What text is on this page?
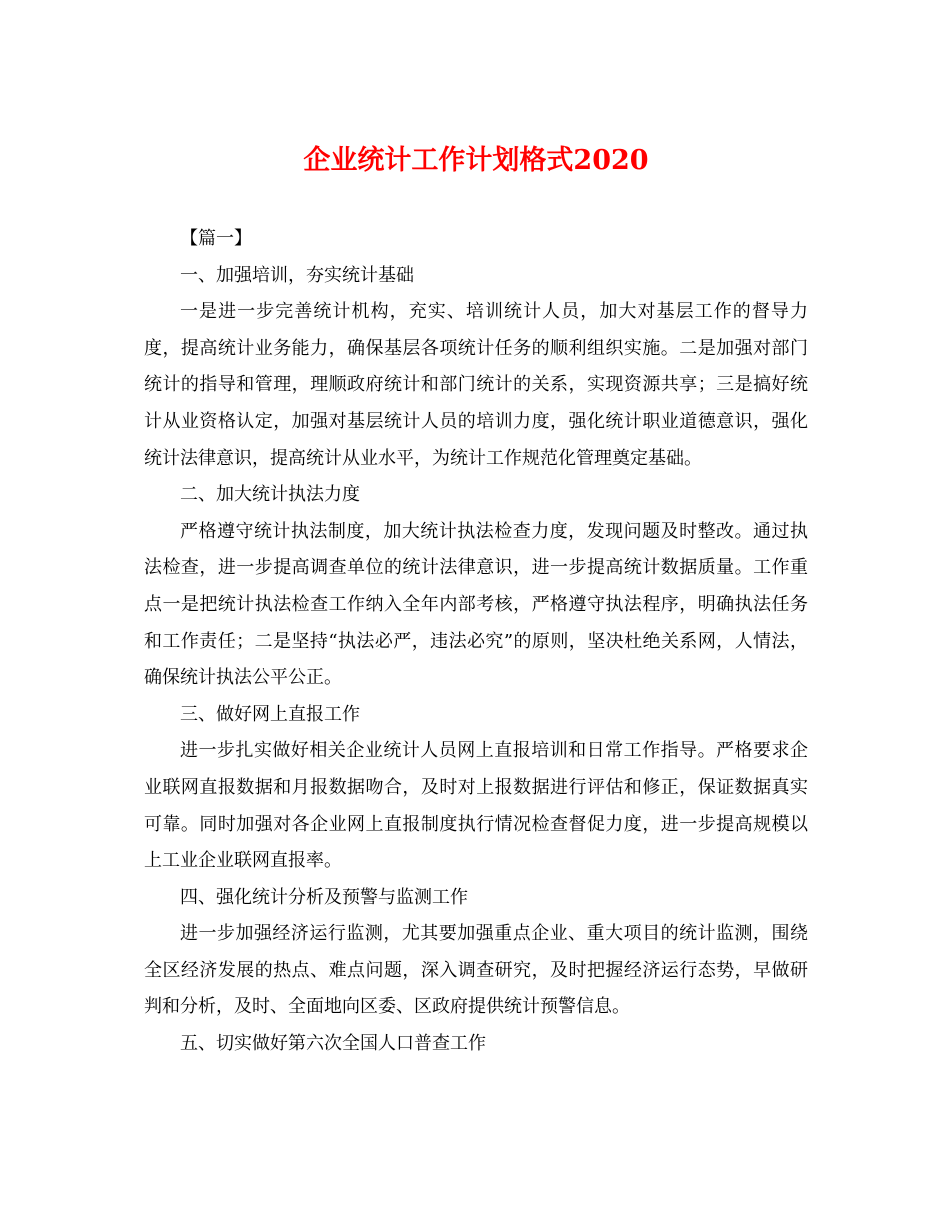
企业统计工作计划格式2020

【篇一】

一、加强培训，夯实统计基础

一是进一步完善统计机构，充实、培训统计人员，加大对基层工作的督导力度，提高统计业务能力，确保基层各项统计任务的顺利组织实施。二是加强对部门统计的指导和管理，理顺政府统计和部门统计的关系，实现资源共享；三是搞好统计从业资格认定，加强对基层统计人员的培训力度，强化统计职业道德意识，强化统计法律意识，提高统计从业水平，为统计工作规范化管理奠定基础。

二、加大统计执法力度

严格遵守统计执法制度，加大统计执法检查力度，发现问题及时整改。通过执法检查，进一步提高调查单位的统计法律意识，进一步提高统计数据质量。工作重点一是把统计执法检查工作纳入全年内部考核，严格遵守执法程序，明确执法任务和工作责任；二是坚持“执法必严，违法必究”的原则，坚决杜绝关系网，人情法，确保统计执法公平公正。

三、做好网上直报工作

进一步扎实做好相关企业统计人员网上直报培训和日常工作指导。严格要求企业联网直报数据和月报数据吻合，及时对上报数据进行评估和修正，保证数据真实可靠。同时加强对各企业网上直报制度执行情况检查督促力度，进一步提高规模以上工业企业联网直报率。

四、强化统计分析及预警与监测工作

进一步加强经济运行监测，尤其要加强重点企业、重大项目的统计监测，围绕全区经济发展的热点、难点问题，深入调查研究，及时把握经济运行态势，早做研判和分析，及时、全面地向区委、区政府提供统计预警信息。

五、切实做好第六次全国人口普查工作
